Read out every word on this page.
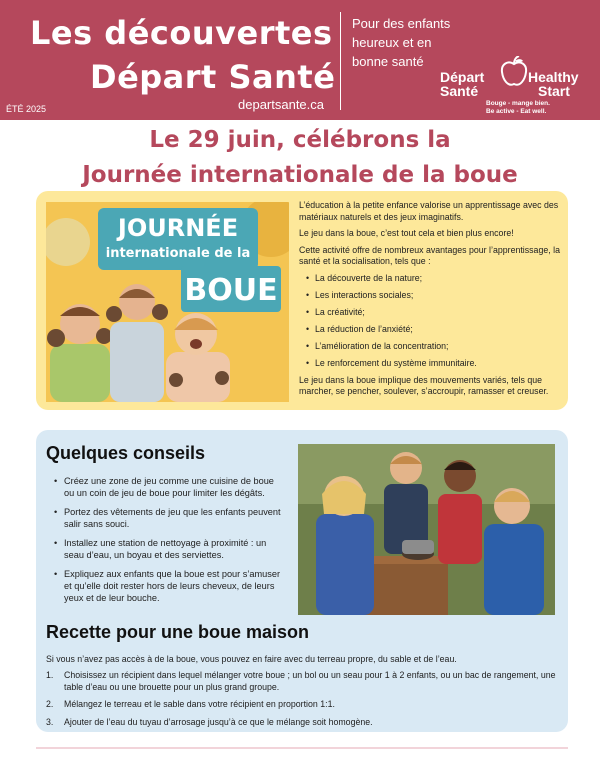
Les découvertes
Départ Santé
ÉTÉ 2025	departsante.ca
Pour des enfants heureux et en bonne santé
Départ
Santé
Healthy
Start
Bouge - mange bien.
Be active - Eat well.
Le 29 juin, célébrons la
Journée internationale de la boue
JOURNÉE
internationale de la
BOUE

L’éducation à la petite enfance valorise un apprentissage avec des matériaux naturels et des jeux imaginatifs.

Le jeu dans la boue, c’est tout cela et bien plus encore!

Cette activité offre de nombreux avantages pour l’apprentissage, la santé et la socialisation, tels que :

• La découverte de la nature;
• Les interactions sociales;
• La créativité;
• La réduction de l’anxiété;
• L’amélioration de la concentration;
• Le renforcement du système immunitaire.

Le jeu dans la boue implique des mouvements variés, tels que marcher, se pencher, soulever, s’accroupir, ramasser et creuser.

Quelques conseils
• Créez une zone de jeu comme une cuisine de boue ou un coin de jeu de boue pour limiter les dégâts.
• Portez des vêtements de jeu que les enfants peuvent salir sans souci.
• Installez une station de nettoyage à proximité : un seau d’eau, un boyau et des serviettes.
• Expliquez aux enfants que la boue est pour s’amuser et qu’elle doit rester hors de leurs cheveux, de leurs yeux et de leur bouche.
Recette pour une boue maison
Si vous n’avez pas accès à de la boue, vous pouvez en faire avec du terreau propre, du sable et de l’eau.
1. Choisissez un récipient dans lequel mélanger votre boue ; un bol ou un seau pour 1 à 2 enfants, ou un bac de rangement, une table d’eau ou une brouette pour un plus grand groupe.
2. Mélangez le terreau et le sable dans votre récipient en proportion 1:1.
3. Ajouter de l’eau du tuyau d’arrosage jusqu’à ce que le mélange soit homogène.
